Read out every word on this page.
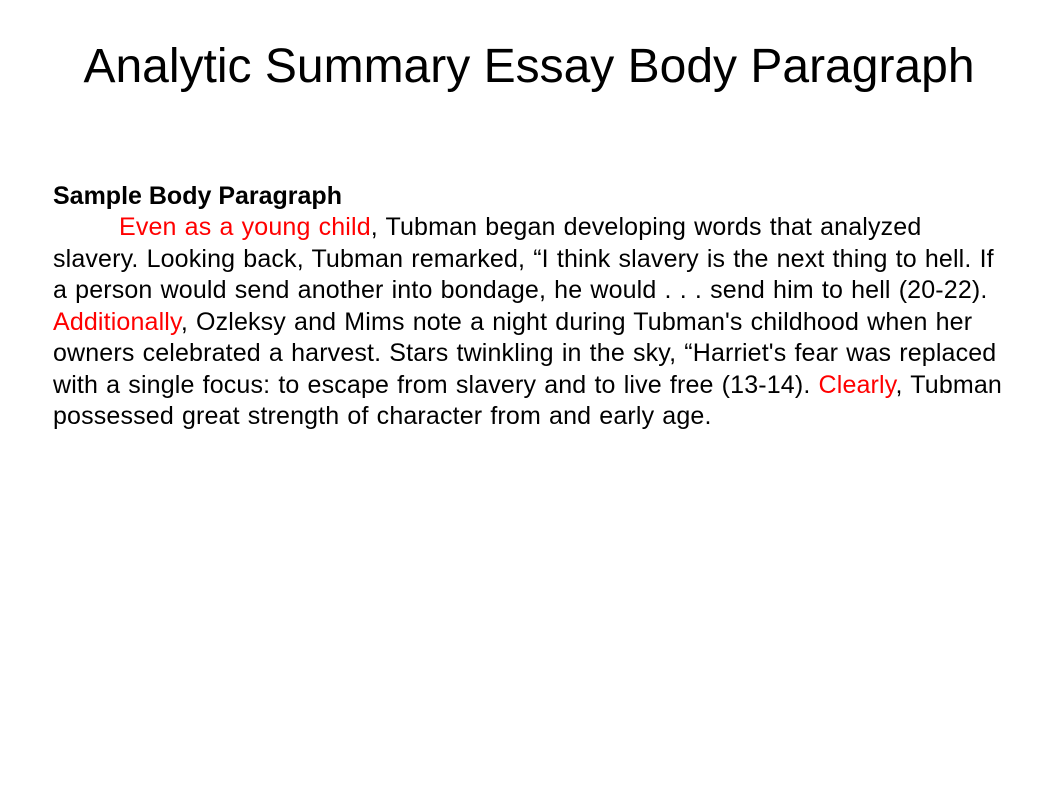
Analytic Summary Essay Body Paragraph

Sample Body Paragraph

Even as a young child, Tubman began developing words that analyzed slavery. Looking back, Tubman remarked, “I think slavery is the next thing to hell. If a person would send another into bondage, he would . . . send him to hell (20-22). Additionally, Ozleksy and Mims note a night during Tubman's childhood when her owners celebrated a harvest. Stars twinkling in the sky, “Harriet's fear was replaced with a single focus: to escape from slavery and to live free (13-14). Clearly, Tubman possessed great strength of character from and early age.
